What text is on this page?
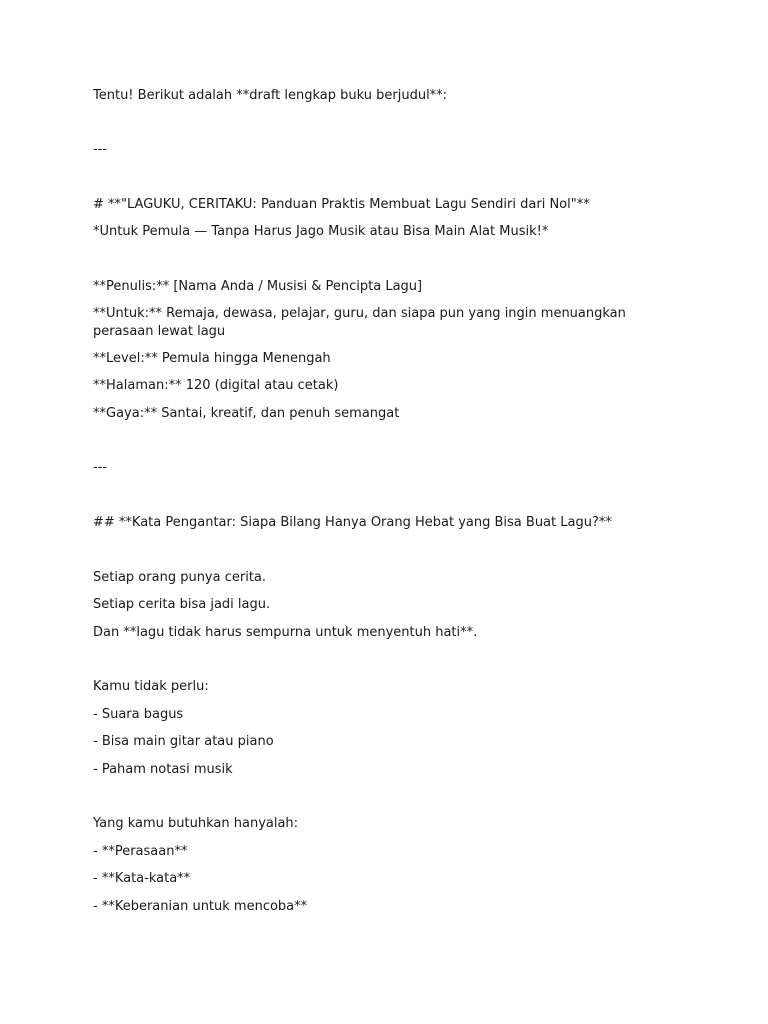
Tentu! Berikut adalah **draft lengkap buku berjudul**:

---

# **"LAGUKU, CERITAKU: Panduan Praktis Membuat Lagu Sendiri dari Nol"**

*Untuk Pemula — Tanpa Harus Jago Musik atau Bisa Main Alat Musik!*

**Penulis:** [Nama Anda / Musisi & Pencipta Lagu]

**Untuk:** Remaja, dewasa, pelajar, guru, dan siapa pun yang ingin menuangkan perasaan lewat lagu

**Level:** Pemula hingga Menengah

**Halaman:** 120 (digital atau cetak)

**Gaya:** Santai, kreatif, dan penuh semangat

---

## **Kata Pengantar: Siapa Bilang Hanya Orang Hebat yang Bisa Buat Lagu?**

Setiap orang punya cerita.

Setiap cerita bisa jadi lagu.

Dan **lagu tidak harus sempurna untuk menyentuh hati**.

Kamu tidak perlu:

- Suara bagus

- Bisa main gitar atau piano

- Paham notasi musik

Yang kamu butuhkan hanyalah:

- **Perasaan**

- **Kata-kata**

- **Keberanian untuk mencoba**
